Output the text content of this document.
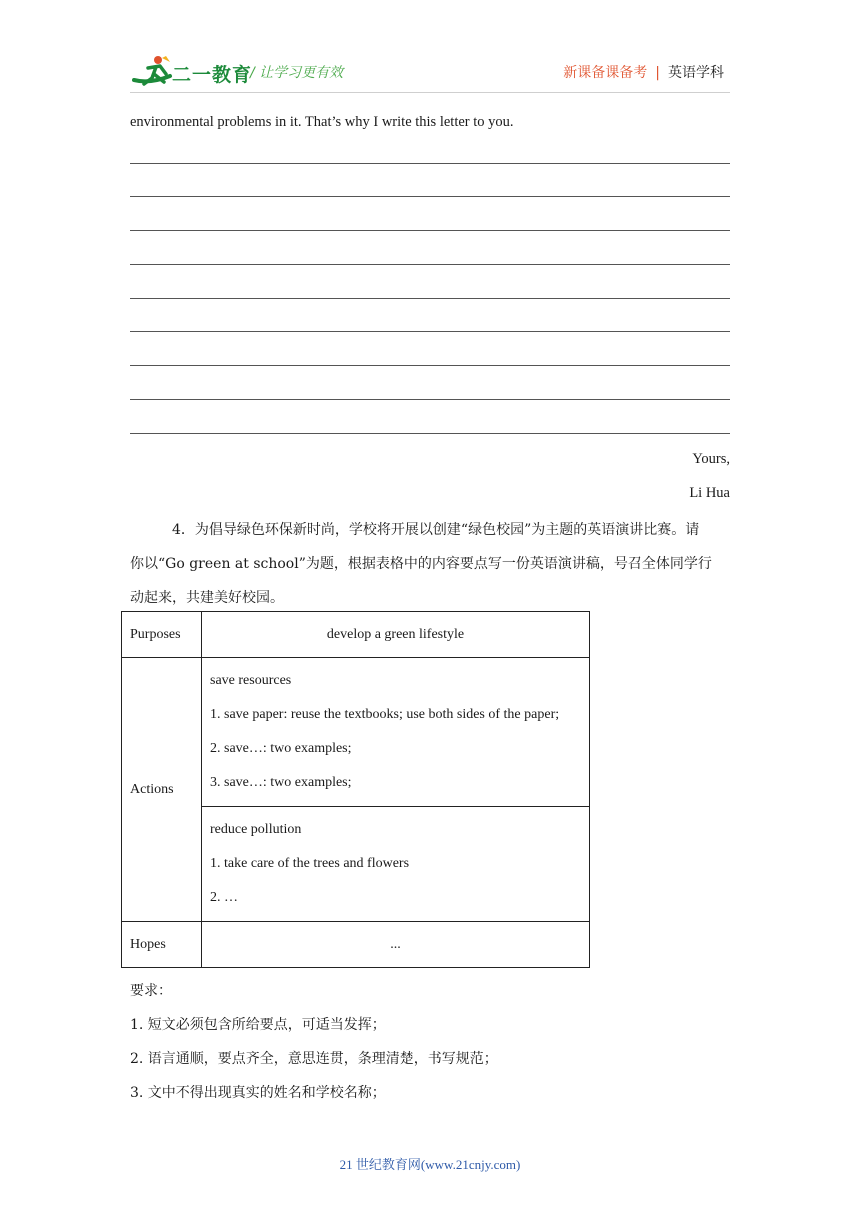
二一教育
/ 让学习更有效	新课备课备考 | 英语学科
environmental problems in it. That’s why I write this letter to you.
Yours,
Li Hua
4．为倡导绿色环保新时尚，学校将开展以创建“绿色校园”为主题的英语演讲比赛。请
你以“Go green at school”为题，根据表格中的内容要点写一份英语演讲稿，号召全体同学行
动起来，共建美好校园。
Purposes	develop a green lifestyle
Actions	save resources
1. save paper: reuse the textbooks; use both sides of the paper;
2. save…: two examples;
3. save…: two examples;

	reduce pollution
1. take care of the trees and flowers
2. …

Hopes	...
要求：
1. 短文必须包含所给要点，可适当发挥；
2. 语言通顺，要点齐全，意思连贯，条理清楚，书写规范；
3. 文中不得出现真实的姓名和学校名称；
21 世纪教育网(www.21cnjy.com)
